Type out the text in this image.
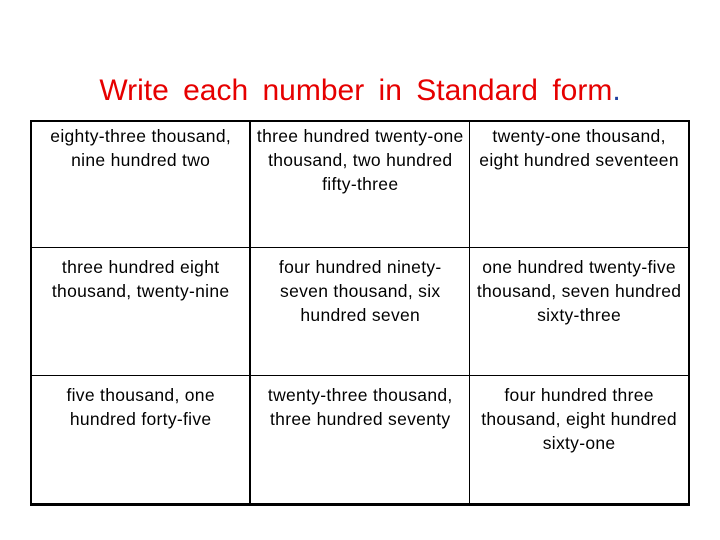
Write each number in Standard form.
eighty-three thousand, nine hundred two	three hundred twenty-one thousand, two hundred fifty-three	twenty-one thousand, eight hundred seventeen

three hundred eight thousand, twenty-nine	four hundred ninety-seven thousand, six hundred seven	one hundred twenty-five thousand, seven hundred sixty-three

five thousand, one hundred forty-five	twenty-three thousand, three hundred seventy	four hundred three thousand, eight hundred sixty-one
